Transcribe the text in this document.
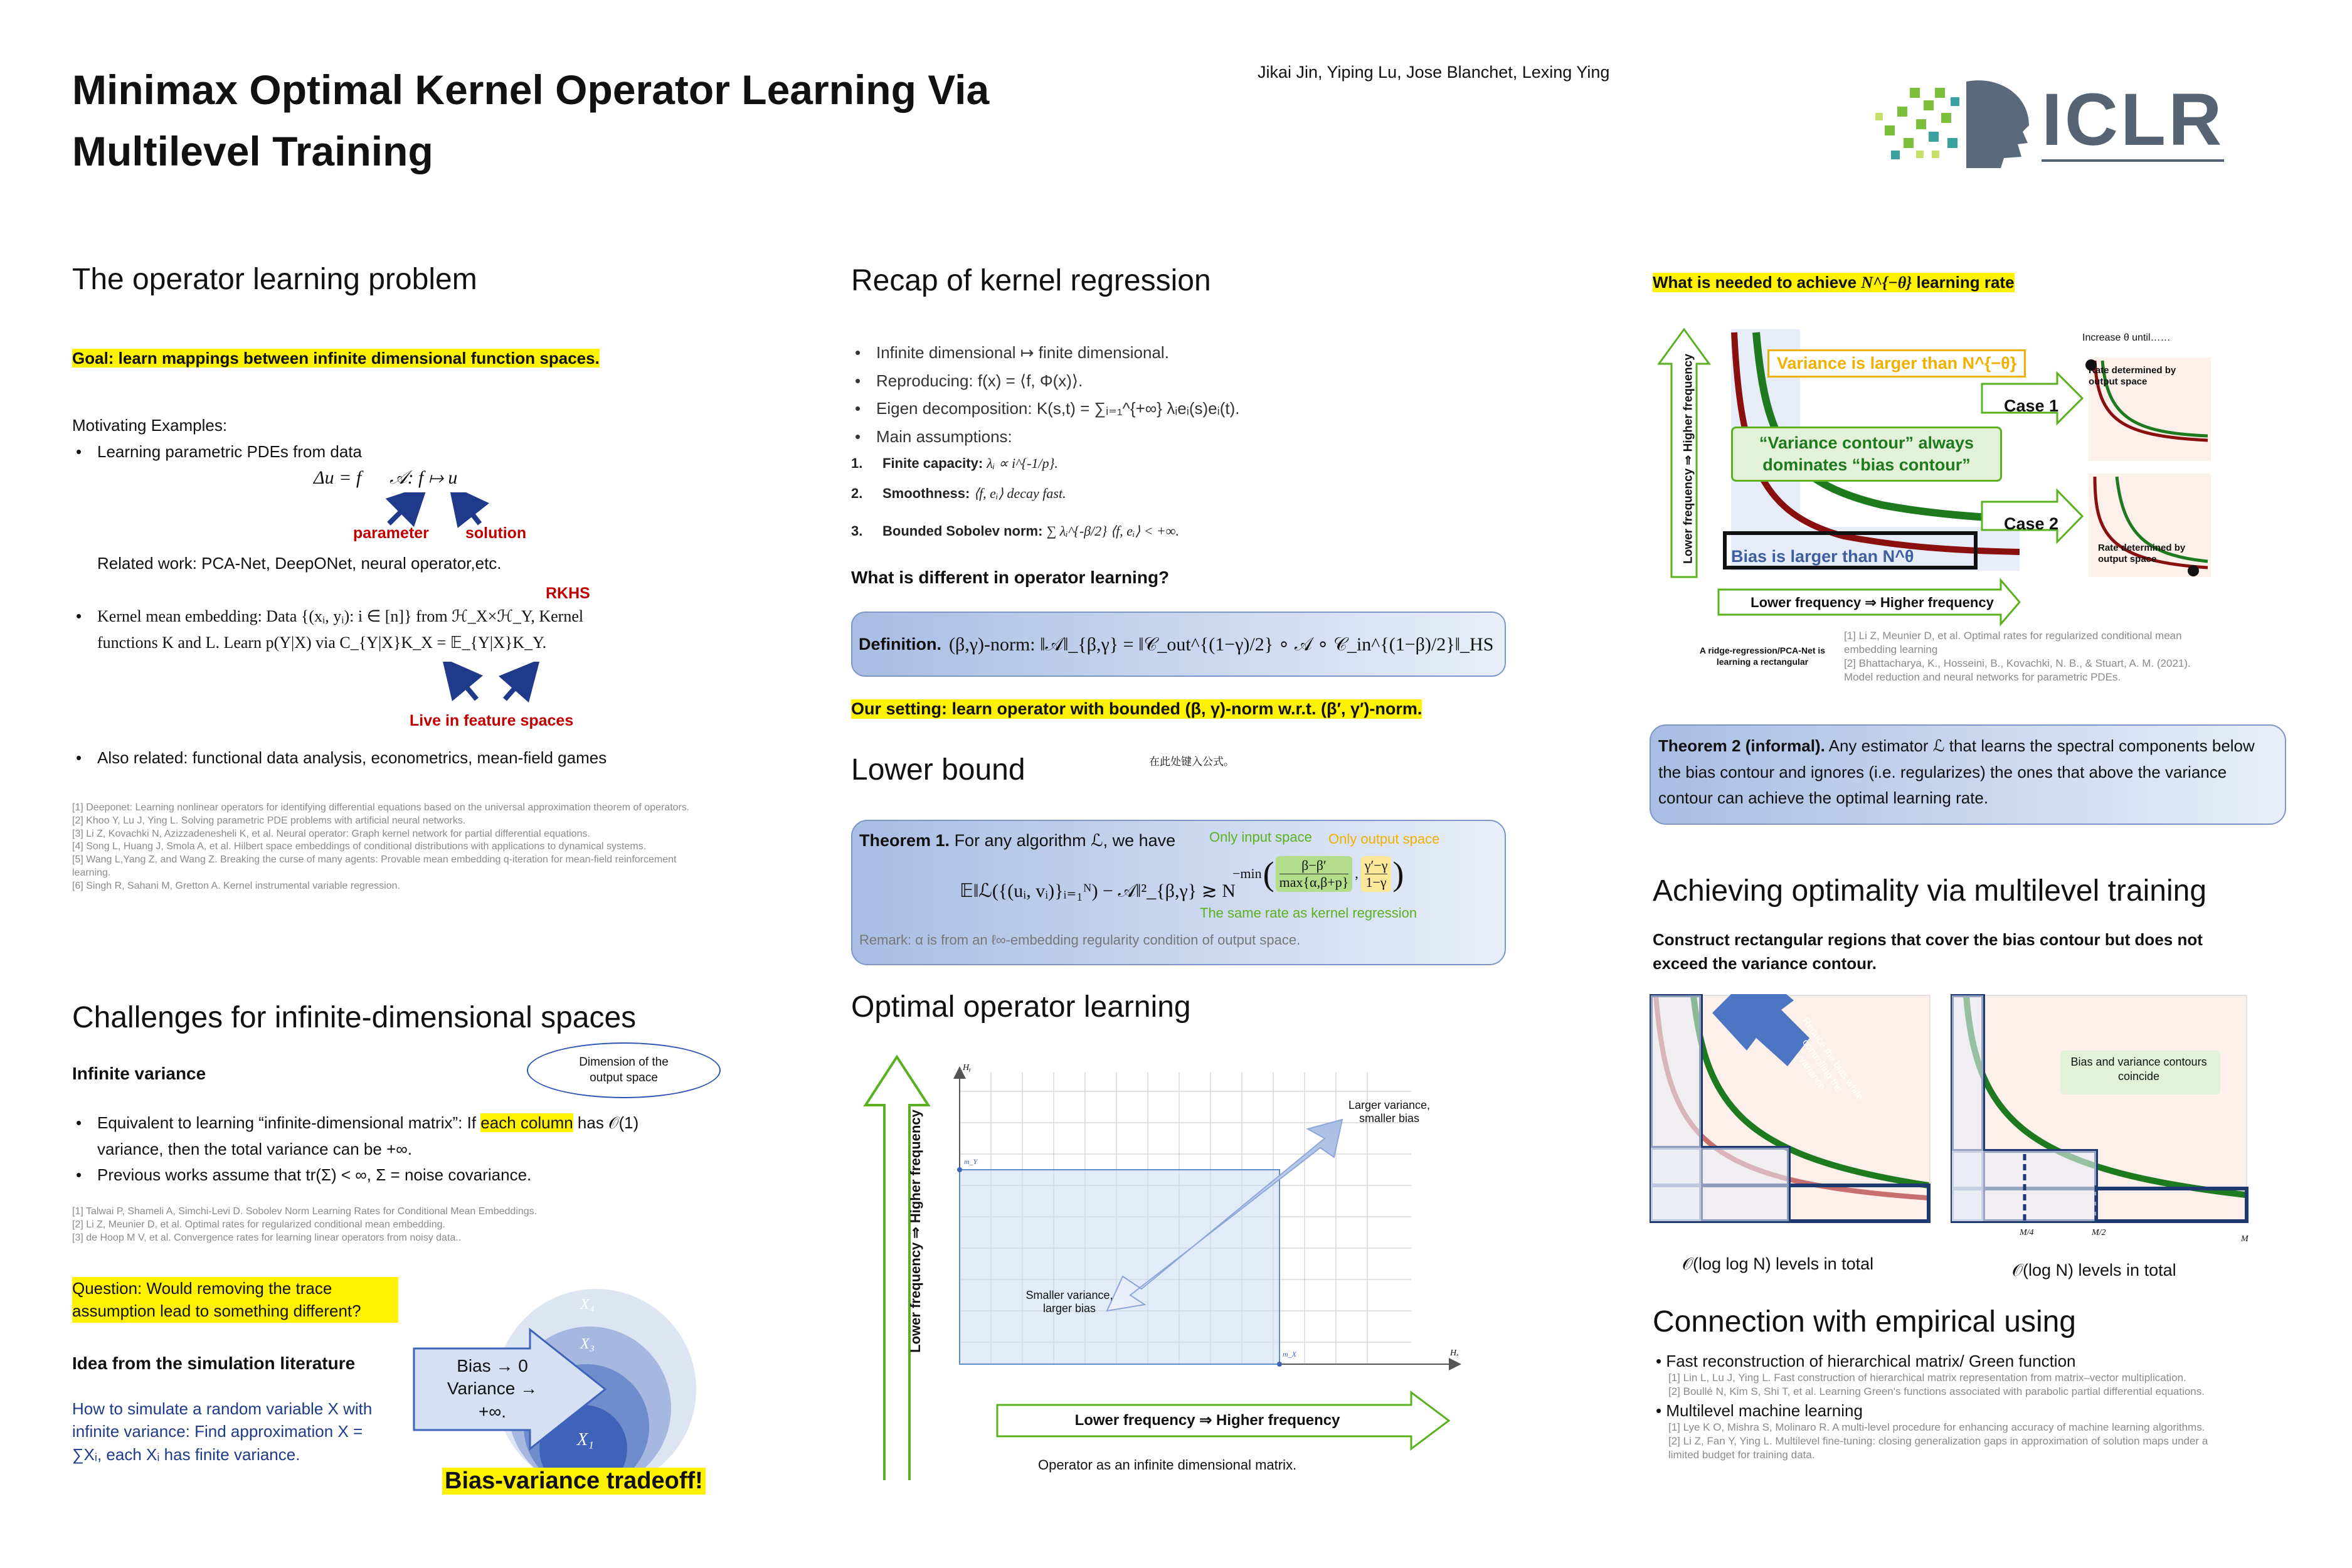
Minimax Optimal Kernel Operator Learning Via
Multilevel Training
Jikai Jin, Yiping Lu, Jose Blanchet, Lexing Ying
ICLR
The operator learning problem
Goal: learn mappings between infinite dimensional function spaces.
Motivating Examples:
• Learning parametric PDEs from data
Δu = f      𝒜: f ↦ u
parameter solution
Related work: PCA-Net, DeepONet, neural operator,etc.
RKHS
• Kernel mean embedding: Data {(xᵢ, yᵢ): i ∈ [n]} from ℋ_X×ℋ_Y, Kernel
functions K and L. Learn p(Y|X) via C_{Y|X}K_X = 𝔼_{Y|X}K_Y.
Live in feature spaces
• Also related: functional data analysis, econometrics, mean-field games
[1] Deeponet: Learning nonlinear operators for identifying differential equations based on the universal approximation theorem of operators.
[2] Khoo Y, Lu J, Ying L. Solving parametric PDE problems with artificial neural networks.
[3] Li Z, Kovachki N, Azizzadenesheli K, et al. Neural operator: Graph kernel network for partial differential equations.
[4] Song L, Huang J, Smola A, et al. Hilbert space embeddings of conditional distributions with applications to dynamical systems.
[5] Wang L,Yang Z, and Wang Z. Breaking the curse of many agents: Provable mean embedding q-iteration for mean-field reinforcement learning.
[6] Singh R, Sahani M, Gretton A. Kernel instrumental variable regression.
Challenges for infinite-dimensional spaces
Infinite variance
Dimension of the output space
• Equivalent to learning “infinite-dimensional matrix”: If each column has 𝒪(1)
variance, then the total variance can be +∞.
• Previous works assume that tr(Σ) < ∞, Σ = noise covariance.
[1] Talwai P, Shameli A, Simchi-Levi D. Sobolev Norm Learning Rates for Conditional Mean Embeddings.
[2] Li Z, Meunier D, et al. Optimal rates for regularized conditional mean embedding.
[3] de Hoop M V, et al. Convergence rates for learning linear operators from noisy data..
Question: Would removing the trace
assumption lead to something different?
Idea from the simulation literature
How to simulate a random variable X with
infinite variance: Find approximation X =
∑Xᵢ, each Xᵢ has finite variance.
X₄
X₃
X₁
Bias → 0
Variance →
+∞.
Bias-variance tradeoff!
Recap of kernel regression
• Infinite dimensional ↦ finite dimensional.
• Reproducing: f(x) = ⟨f, Φ(x)⟩.
• Eigen decomposition: K(s,t) = ∑ᵢ₌₁^{+∞} λᵢeᵢ(s)eᵢ(t).
• Main assumptions:
1. Finite capacity: λᵢ ∝ i^{-1/p}.
2. Smoothness: ⟨f, eᵢ⟩ decay fast.
3. Bounded Sobolev norm: ∑ λᵢ^{-β/2} ⟨f, eᵢ⟩ < +∞.
What is different in operator learning?
Definition. (β,γ)-norm: ‖𝒜‖_{β,γ} = ‖𝒞_out^{(1−γ)/2} ∘ 𝒜 ∘ 𝒞_in^{(1−β)/2}‖_HS
Our setting: learn operator with bounded (β, γ)-norm w.r.t. (β′, γ′)-norm.
Lower bound	在此处键入公式。
Theorem 1. For any algorithm ℒ, we have Only input space Only output space
𝔼‖ℒ({(uᵢ, vᵢ)}ᵢ₌₁ᴺ) − 𝒜‖²_{β,γ} ≳ N
−min (	β−β′
max{α,β+p}
, $\frac{\gamma'-\gamma}{1-\gamma}$ )
The same rate as kernel regression
Remark: α is from an ℓ∞-embedding regularity condition of output space.
Optimal operator learning
Lower frequency ⇒ Higher frequency
Lower frequency ⇒ Higher frequency
Hᵧ
Hₓ
m_Y
m_X
Larger variance,
smaller bias
Smaller variance,
larger bias
Operator as an infinite dimensional matrix.
What is needed to achieve N^{−θ} learning rate
Increase θ until……
Rate determined by output space
Rate determined by output space
Variance is larger than N^{−θ}
Case 1
“Variance contour” always dominates “bias contour”
Case 2
Bias is larger than N^θ
Lower frequency ⇒ Higher frequency
Lower frequency ⇒ Higher frequency
A ridge-regression/PCA-Net is learning a rectangular
[1] Li Z, Meunier D, et al. Optimal rates for regularized conditional mean embedding learning
[2] Bhattacharya, K., Hosseini, B., Kovachki, N. B., & Stuart, A. M. (2021). Model reduction and neural networks for parametric PDEs.
Theorem 2 (informal). Any estimator ℒ that learns the spectral components below the bias contour and ignores (i.e. regularizes) the ones that above the variance contour can achieve the optimal learning rate.
Achieving optimality via multilevel training
Construct rectangular regions that cover the bias contour but does not exceed the variance contour.
Reduce the bias while controlling the variance	Bias and variance contours coincide
M/4	M/2
M
𝒪(log log N) levels in total	𝒪(log N) levels in total
Connection with empirical using
• Fast reconstruction of hierarchical matrix/ Green function
[1] Lin L, Lu J, Ying L. Fast construction of hierarchical matrix representation from matrix–vector multiplication.
[2] Boullé N, Kim S, Shi T, et al. Learning Green's functions associated with parabolic partial differential equations.
• Multilevel machine learning
[1] Lye K O, Mishra S, Molinaro R. A multi-level procedure for enhancing accuracy of machine learning algorithms.
[2] Li Z, Fan Y, Ying L. Multilevel fine-tuning: closing generalization gaps in approximation of solution maps under a limited budget for training data.
